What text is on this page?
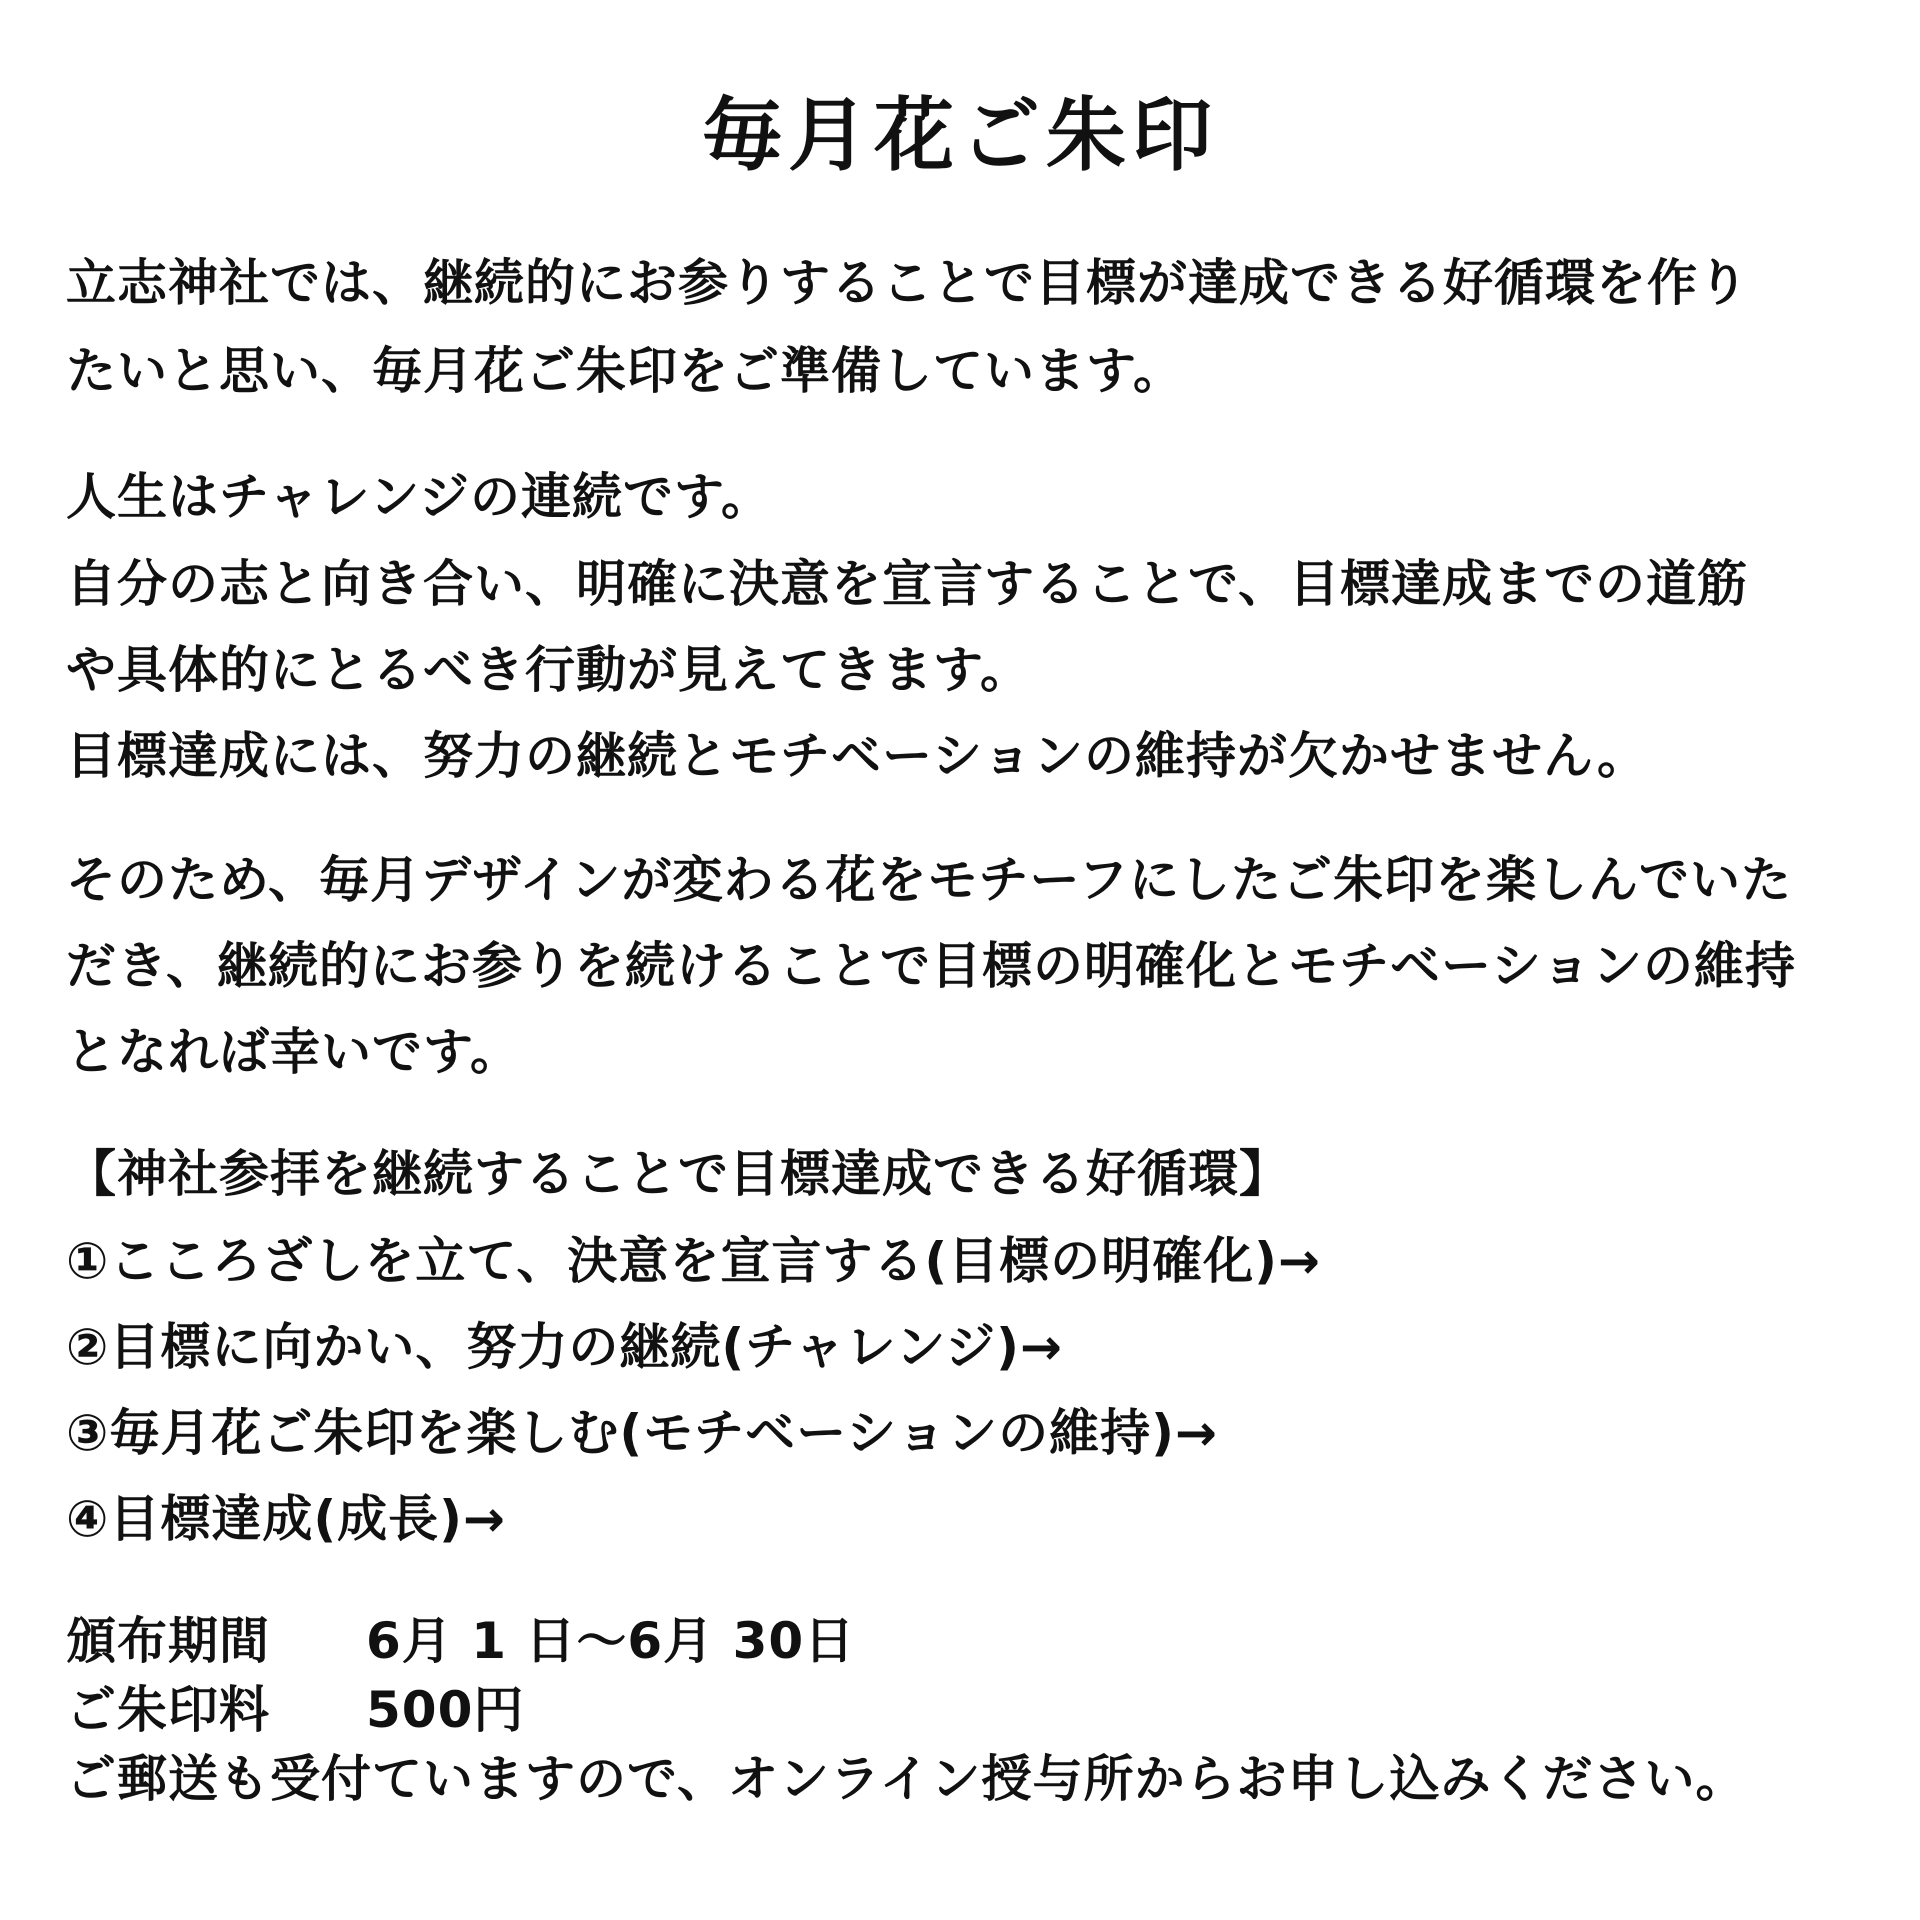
毎月花ご朱印
立志神社では、継続的にお参りすることで目標が達成できる好循環を作り
たいと思い、毎月花ご朱印をご準備しています。
人生はチャレンジの連続です。
自分の志と向き合い、明確に決意を宣言することで、目標達成までの道筋
や具体的にとるべき行動が見えてきます。
目標達成には、努力の継続とモチベーションの維持が欠かせません。
そのため、毎月デザインが変わる花をモチーフにしたご朱印を楽しんでいた
だき、継続的にお参りを続けることで目標の明確化とモチベーションの維持
となれば幸いです。
【神社参拝を継続することで目標達成できる好循環】
①こころざしを立て、決意を宣言する(目標の明確化)→
②目標に向かい、努力の継続(チャレンジ)→
③毎月花ご朱印を楽しむ(モチベーションの維持)→
④目標達成(成長)→
頒布期間 6月 1 日〜6月 30日
ご朱印料 500円
ご郵送も受付ていますので、オンライン授与所からお申し込みください。
